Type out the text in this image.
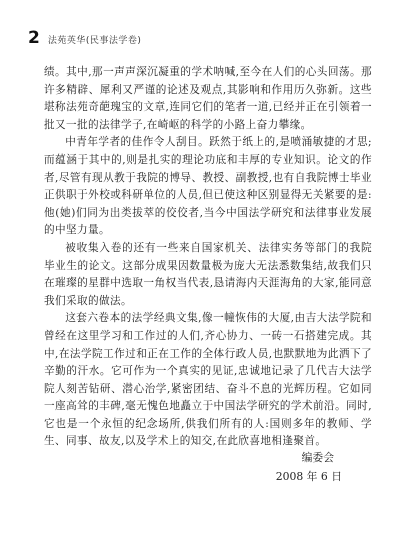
2 法苑英华(民事法学卷)

绩。其中,那一声声深沉凝重的学术呐喊,至今在人们的心头回荡。那许多精辟、犀利又严谨的论述及观点,其影响和作用历久弥新。这些堪称法苑奇葩瑰宝的文章,连同它们的笔者一道,已经并正在引领着一批又一批的法律学子,在崎岖的科学的小路上奋力攀缘。

中青年学者的佳作令人刮目。跃然于纸上的,是喷涌敏捷的才思;而蕴涵于其中的,则是扎实的理论功底和丰厚的专业知识。论文的作者,尽管有现从教于我院的博导、教授、副教授,也有自我院博士毕业正供职于外校或科研单位的人员,但已使这种区别显得无关紧要的是:他(她)们同为出类拔萃的佼佼者,当今中国法学研究和法律事业发展的中坚力量。

被收集入卷的还有一些来自国家机关、法律实务等部门的我院毕业生的论文。这部分成果因数量极为庞大无法悉数集结,故我们只在璀璨的星群中选取一角权当代表,恳请海内天涯海角的大家,能同意我们采取的做法。

这套六卷本的法学经典文集,像一幢恢伟的大厦,由吉大法学院和曾经在这里学习和工作过的人们,齐心协力、一砖一石搭建完成。其中,在法学院工作过和正在工作的全体行政人员,也默默地为此洒下了辛勤的汗水。它可作为一个真实的见证,忠诚地记录了几代吉大法学院人刻苦钻研、潜心治学,紧密团结、奋斗不息的光辉历程。它如同一座高耸的丰碑,毫无愧色地矗立于中国法学研究的学术前沿。同时,它也是一个永恒的纪念场所,供我们所有的人:国则多年的教师、学生、同事、故友,以及学术上的知交,在此欣喜地相逢聚首。

编委会
2008 年 6 日
